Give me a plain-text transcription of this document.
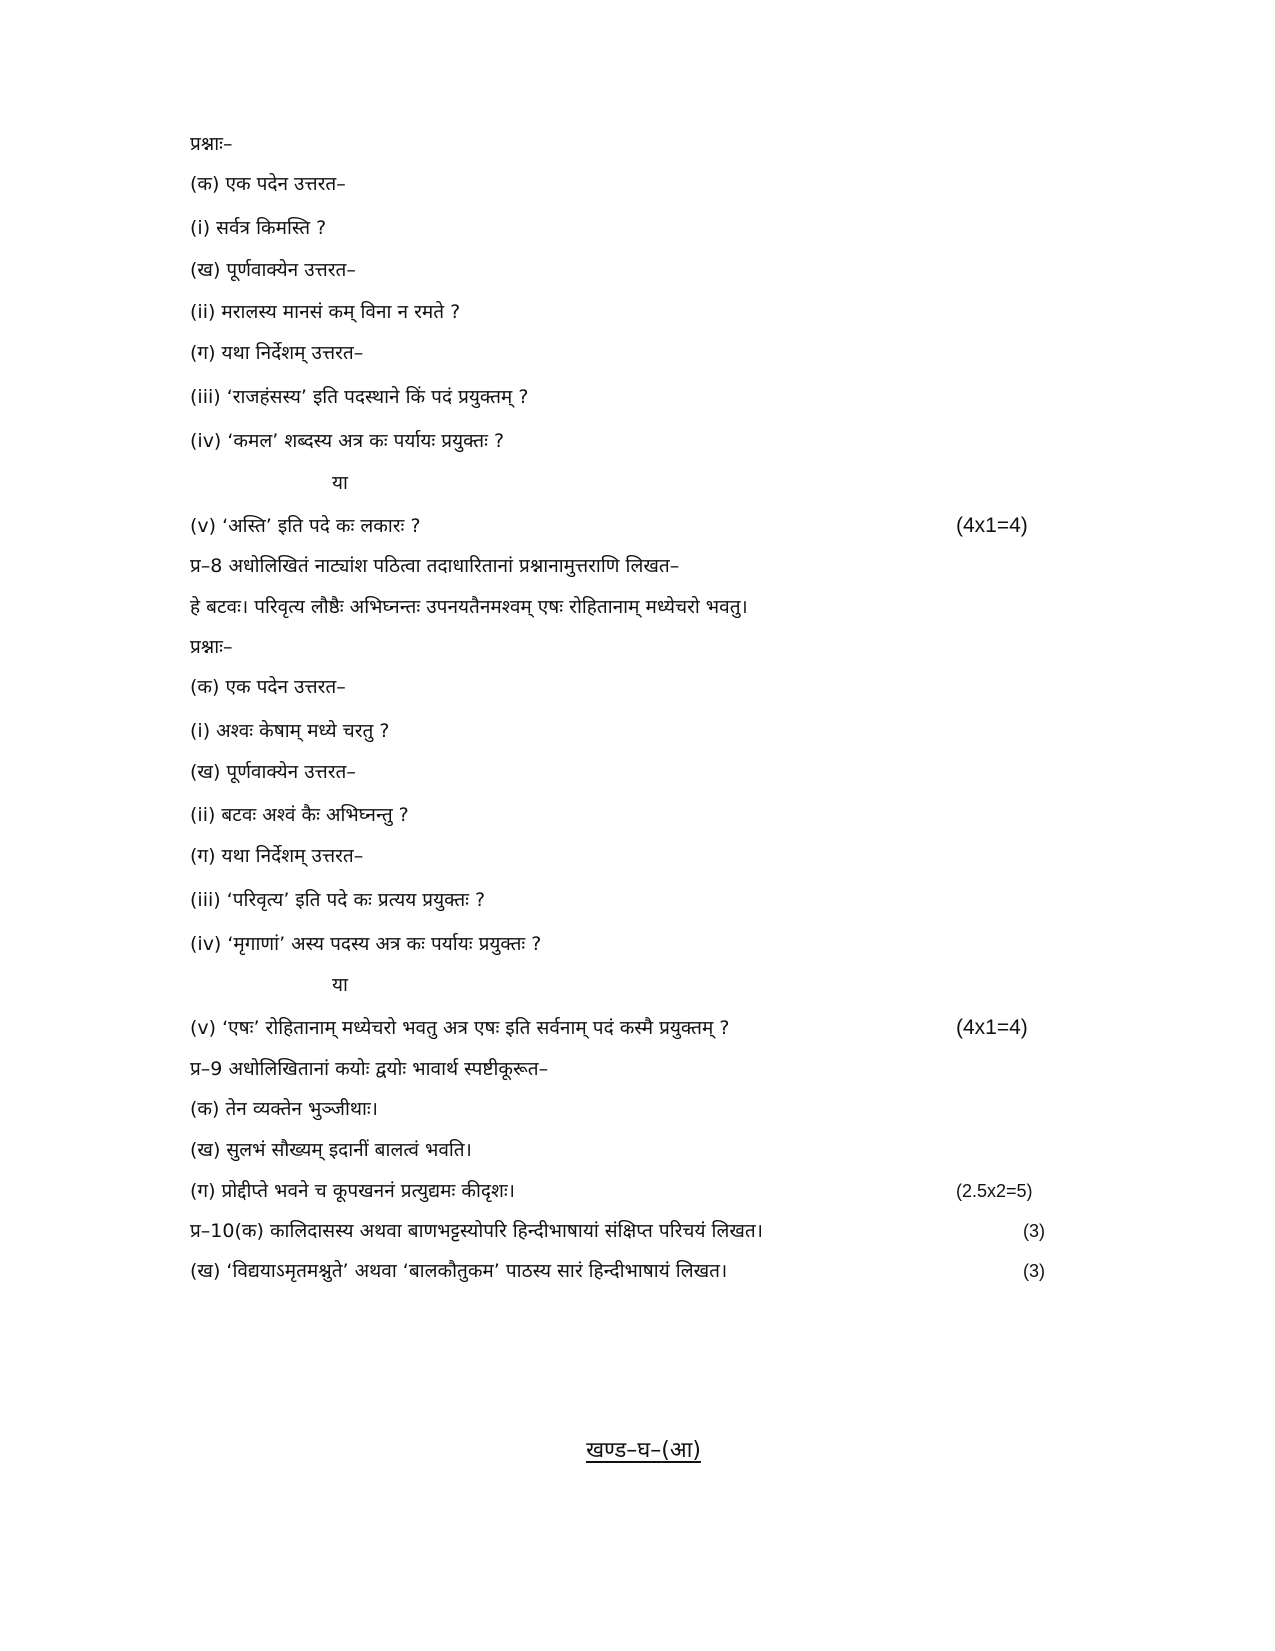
प्रश्नाः–
(क) एक पदेन उत्तरत–
(i) सर्वत्र किमस्ति ?
(ख) पूर्णवाक्येन उत्तरत–
(ii) मरालस्य मानसं कम् विना न रमते ?
(ग) यथा निर्देशम् उत्तरत–
(iii) ‘राजहंसस्य’ इति पदस्थाने किं पदं प्रयुक्तम् ?
(iv) ‘कमल’ शब्दस्य अत्र कः पर्यायः प्रयुक्तः ?
या
(v) ‘अस्ति’ इति पदे कः लकारः ?	(4x1=4)
प्र–8 अधोलिखितं नाट्यांश पठित्वा तदाधारितानां प्रश्नानामुत्तराणि लिखत–
हे बटवः। परिवृत्य लौष्ठैः अभिघ्नन्तः उपनयतैनमश्वम् एषः रोहितानाम् मध्येचरो भवतु।
प्रश्नाः–
(क) एक पदेन उत्तरत–
(i) अश्वः केषाम् मध्ये चरतु ?
(ख) पूर्णवाक्येन उत्तरत–
(ii) बटवः अश्वं कैः अभिघ्नन्तु ?
(ग) यथा निर्देशम् उत्तरत–
(iii) ‘परिवृत्य’ इति पदे कः प्रत्यय प्रयुक्तः ?
(iv) ‘मृगाणां’ अस्य पदस्य अत्र कः पर्यायः प्रयुक्तः ?
या
(v) ‘एषः’ रोहितानाम् मध्येचरो भवतु अत्र एषः इति सर्वनाम् पदं कस्मै प्रयुक्तम् ?	(4x1=4)
प्र–9 अधोलिखितानां कयोः द्वयोः भावार्थ स्पष्टीकूरूत–
(क) तेन व्यक्तेन भुञ्जीथाः।
(ख) सुलभं सौख्यम् इदानीं बालत्वं भवति।
(ग) प्रोद्दीप्ते भवने च कूपखननं प्रत्युद्यमः कीदृशः।	(2.5x2=5)
प्र–10(क) कालिदासस्य अथवा बाणभट्टस्योपरि हिन्दीभाषायां संक्षिप्त परिचयं लिखत।	(3)
(ख) ‘विद्ययाऽमृतमश्नुते’ अथवा ‘बालकौतुकम’ पाठस्य सारं हिन्दीभाषायं लिखत।	(3)
खण्ड–घ–(आ)
